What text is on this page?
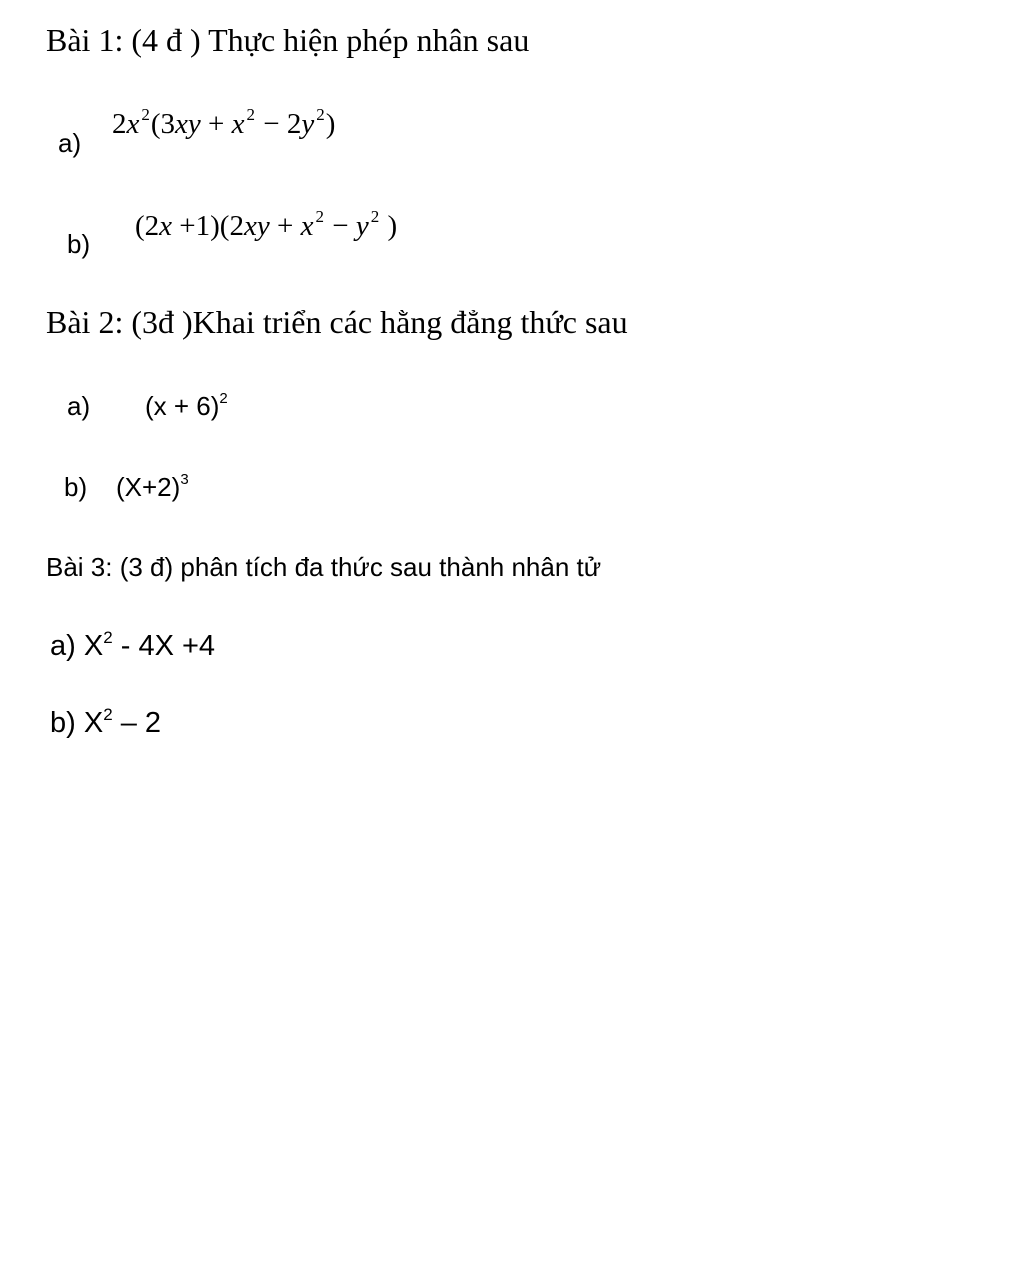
Bài 1: (4 đ ) Thực hiện phép nhân sau
a)
2x $^2$(3xy + x $^2$ − 2y $^2$)
b)
(2x +1)(2xy + x $^2$ − y $^2$ )
Bài 2: (3đ )Khai triển các hằng đẳng thức sau
a) $(x + 6)^2$
b) $(X+2)^3$
Bài 3: (3 đ) phân tích đa thức sau thành nhân tử
a) $X^2 - 4X +4$
b) $X^2 - 2$
